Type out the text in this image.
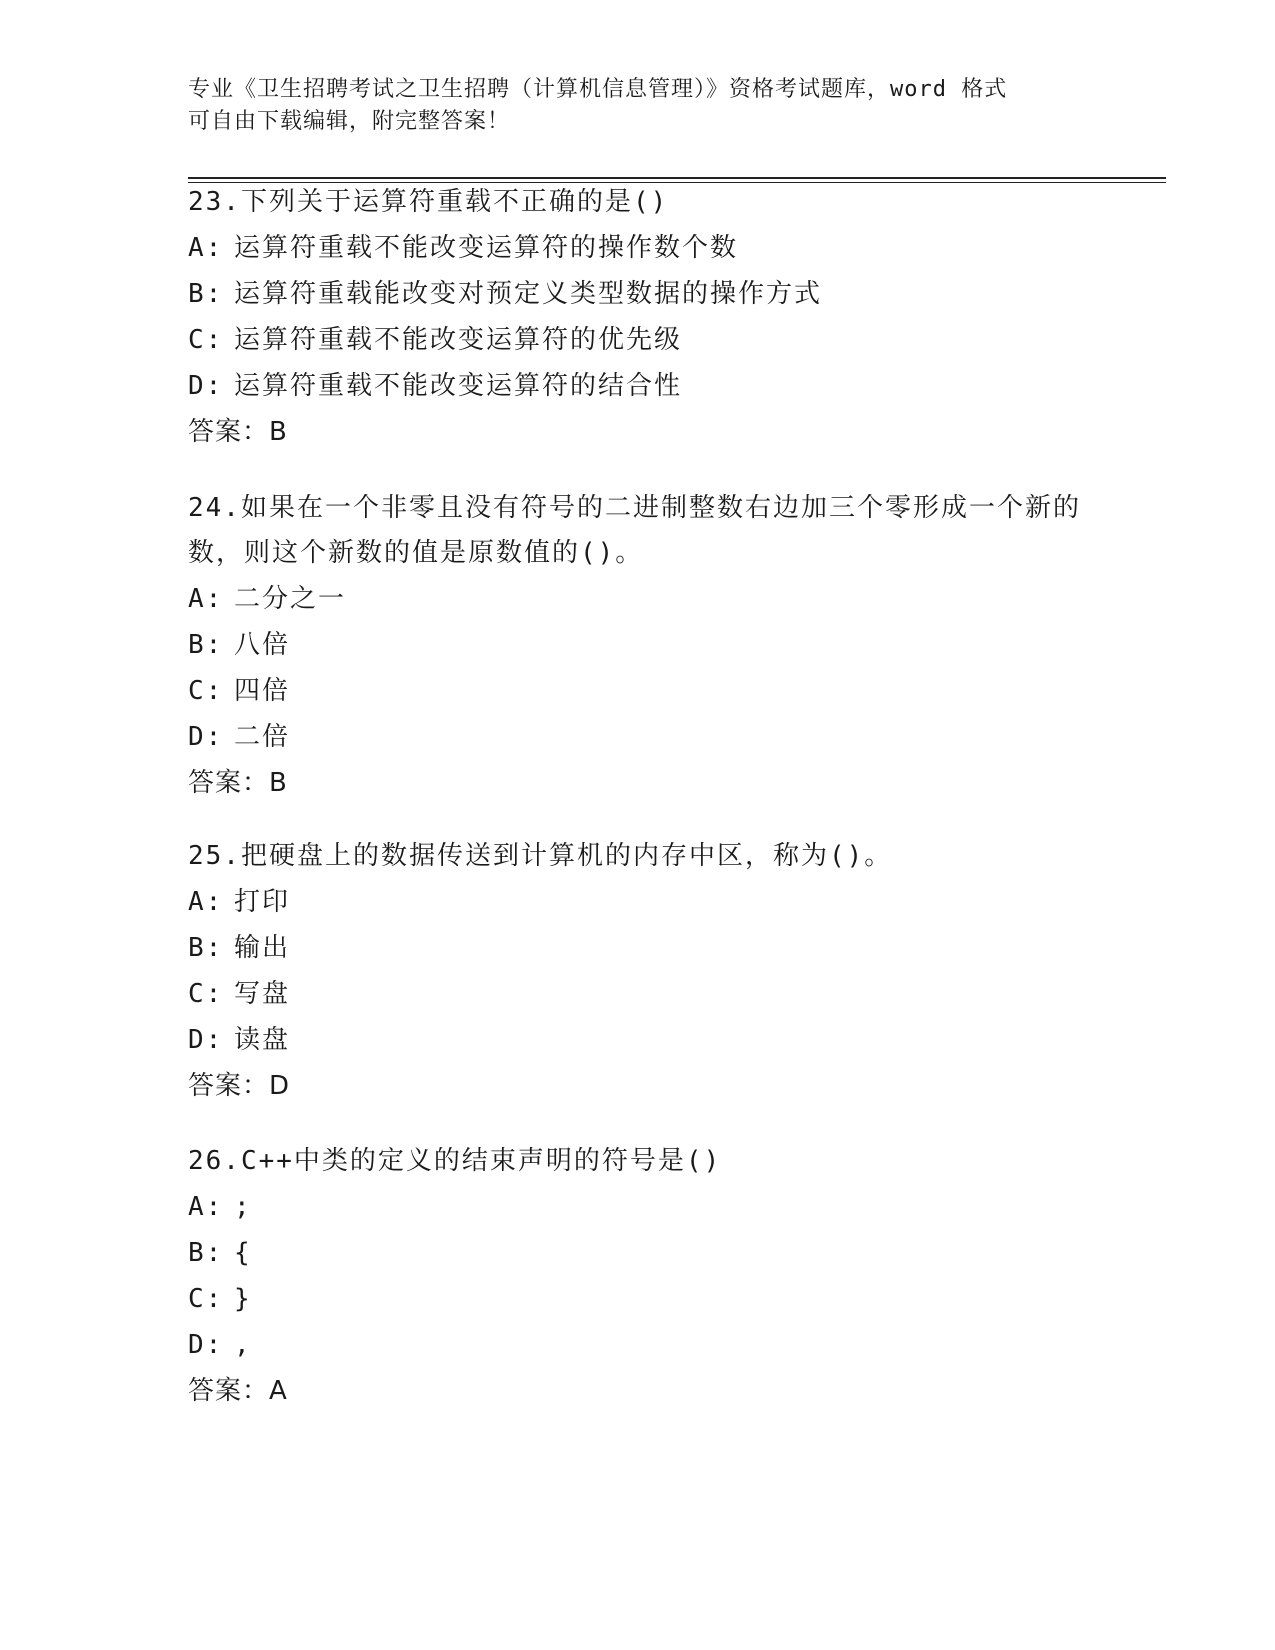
专业《卫生招聘考试之卫生招聘（计算机信息管理）》资格考试题库，word 格式
可自由下载编辑，附完整答案！
23.下列关于运算符重载不正确的是()
A: 运算符重载不能改变运算符的操作数个数
B: 运算符重载能改变对预定义类型数据的操作方式
C: 运算符重载不能改变运算符的优先级
D: 运算符重载不能改变运算符的结合性
答案：B
24.如果在一个非零且没有符号的二进制整数右边加三个零形成一个新的数，则这个新数的值是原数值的()。
A: 二分之一
B: 八倍
C: 四倍
D: 二倍
答案：B
25.把硬盘上的数据传送到计算机的内存中区，称为()。
A: 打印
B: 输出
C: 写盘
D: 读盘
答案：D
26.C++中类的定义的结束声明的符号是()
A: ;
B: {
C: }
D: ,
答案：A
